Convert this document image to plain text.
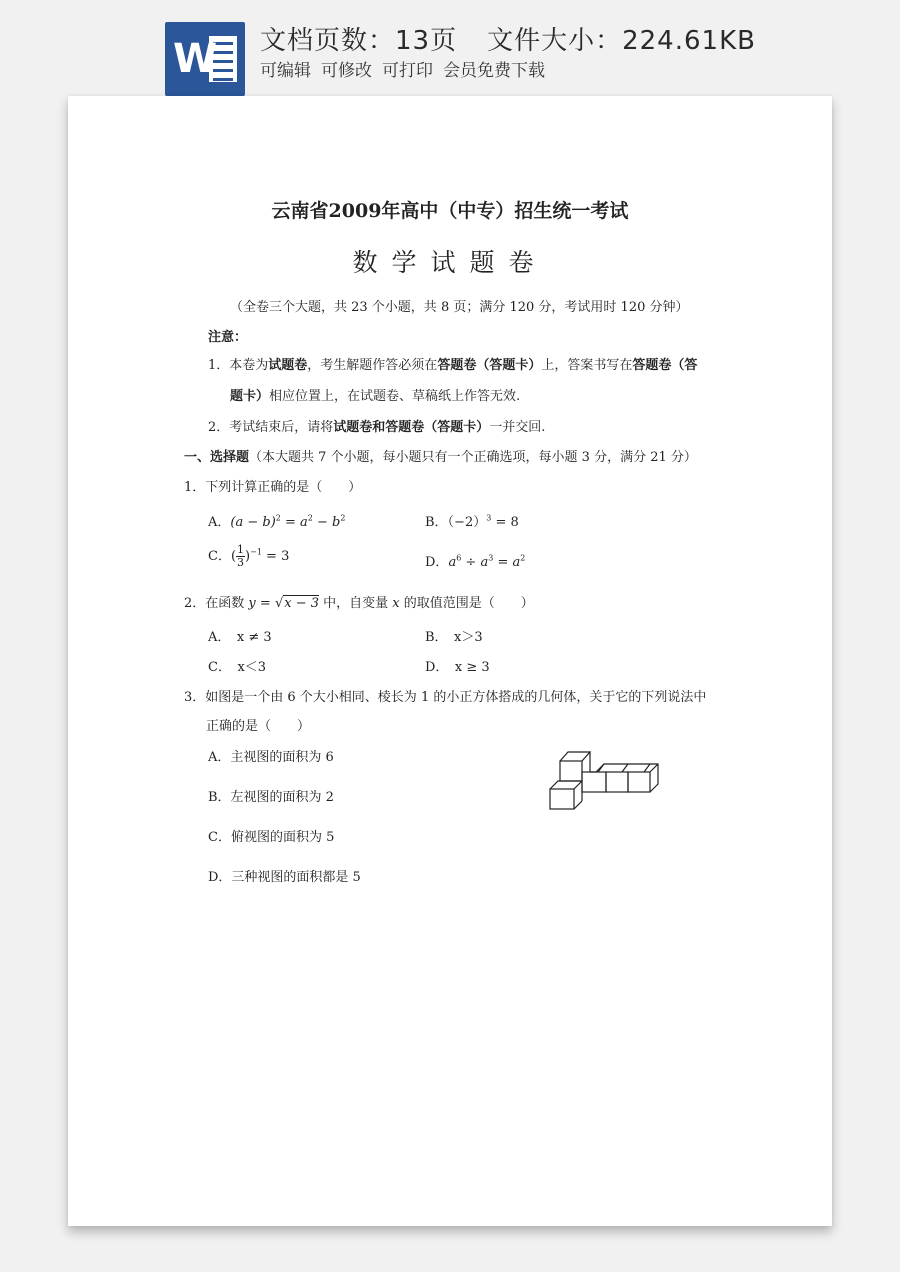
W 文档页数：13页 文件大小：224.61KB
可编辑 可修改 可打印 会员免费下载
云南省2009年高中（中专）招生统一考试
数学试题卷
（全卷三个大题，共 23 个小题，共 8 页；满分 120 分，考试用时 120 分钟）
注意：
1．本卷为试题卷，考生解题作答必须在答题卷（答题卡）上，答案书写在答题卷（答
题卡）相应位置上，在试题卷、草稿纸上作答无效.
2．考试结束后，请将试题卷和答题卷（答题卡）一并交回.
一、选择题（本大题共 7 个小题，每小题只有一个正确选项，每小题 3 分，满分 21 分）
1．下列计算正确的是（　　）
A．$(a - b)^2 = a^2 - b^2$	B．$(-2)^3 = 8$
C．( $\frac{1}{3} )^{-1} = 3$	D．$a^6 \div a^3 = a^2$
2．在函数 y = √x − 3 中，自变量 x 的取值范围是（　　）
A．　x ≠ 3	B．　x＞3
C．　x＜3	D．　x ≥ 3
3．如图是一个由 6 个大小相同、棱长为 1 的小正方体搭成的几何体，关于它的下列说法中
正确的是（　　）
A．主视图的面积为 6
B．左视图的面积为 2
C．俯视图的面积为 5
D．三种视图的面积都是 5
